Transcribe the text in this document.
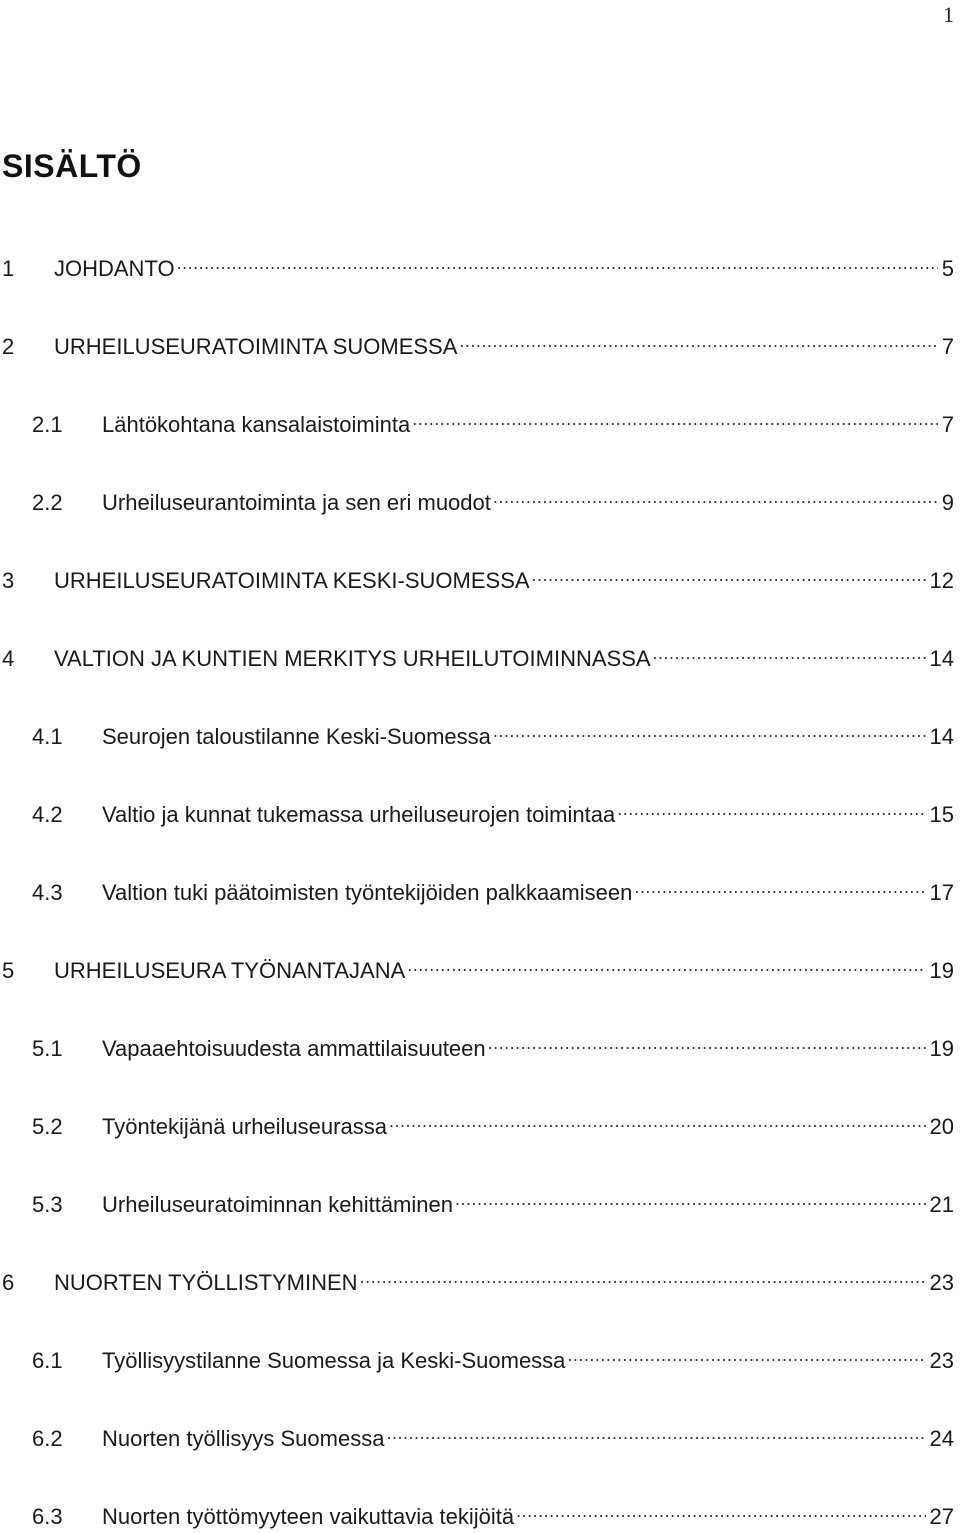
1
SISÄLTÖ
1	JOHDANTO .....	5
2	URHEILUSEURATOIMINTA SUOMESSA .....	7
2.1	Lähtökohtana kansalaistoiminta .....	7
2.2	Urheiluseurantoiminta ja sen eri muodot .....	9
3	URHEILUSEURATOIMINTA KESKI-SUOMESSA .....	12
4	VALTION JA KUNTIEN MERKITYS URHEILUTOIMINNASSA .....	14
4.1	Seurojen taloustilanne Keski-Suomessa .....	14
4.2	Valtio ja kunnat tukemassa urheiluseurojen toimintaa .....	15
4.3	Valtion tuki päätoimisten työntekijöiden palkkaamiseen .....	17
5	URHEILUSEURA TYÖNANTAJANA .....	19
5.1	Vapaaehtoisuudesta ammattilaisuuteen .....	19
5.2	Työntekijänä urheiluseurassa .....	20
5.3	Urheiluseuratoiminnan kehittäminen .....	21
6	NUORTEN TYÖLLISTYMINEN .....	23
6.1	Työllisyystilanne Suomessa ja Keski-Suomessa .....	23
6.2	Nuorten työllisyys Suomessa .....	24
6.3	Nuorten työttömyyteen vaikuttavia tekijöitä .....	27
